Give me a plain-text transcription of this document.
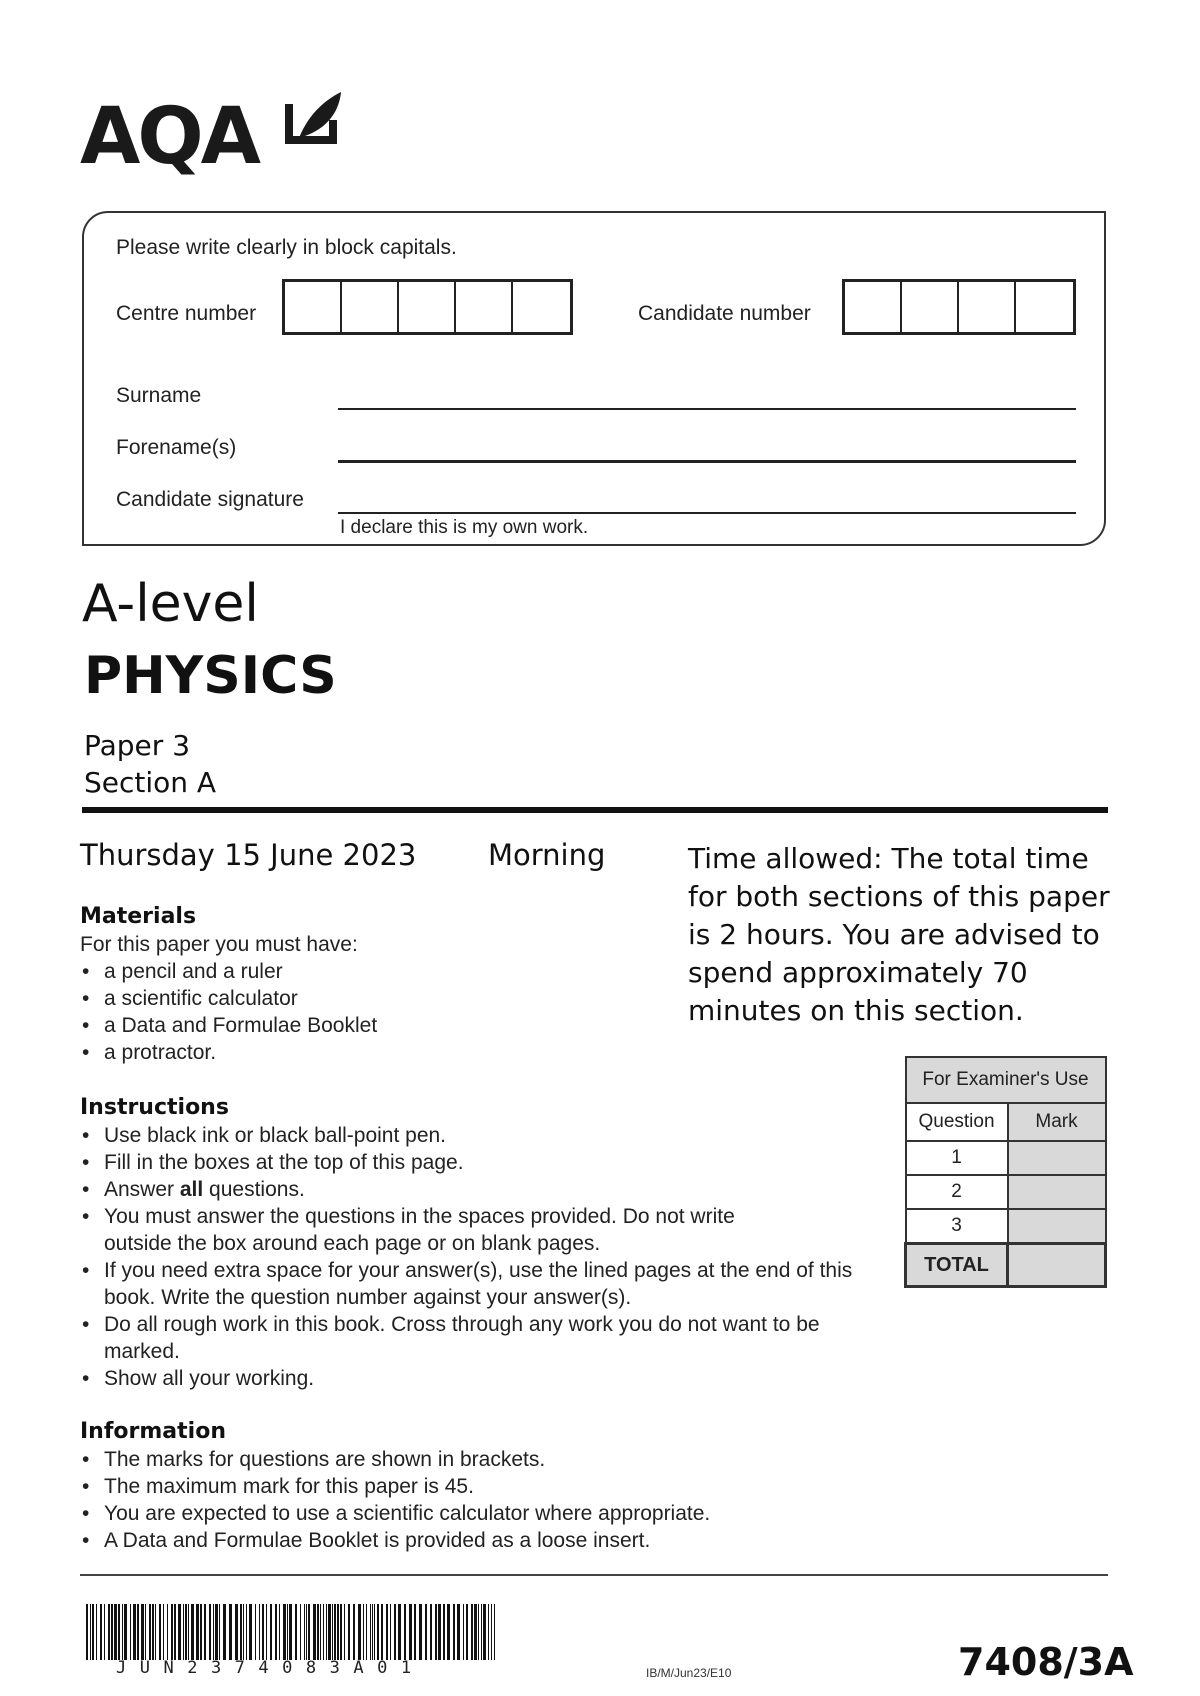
AQA
Please write clearly in block capitals.
Centre number	Candidate number
Surname
Forename(s)
Candidate signature
I declare this is my own work.
A-level
PHYSICS
Paper 3
Section A
Thursday 15 June 2023 Morning	Time allowed: The total time for both sections of this paper is 2 hours. You are advised to spend approximately 70 minutes on this section.
Materials
For this paper you must have:
• a pencil and a ruler
• a scientific calculator
• a Data and Formulae Booklet
• a protractor.
Instructions
• Use black ink or black ball-point pen.
• Fill in the boxes at the top of this page.
• Answer all questions.
• You must answer the questions in the spaces provided. Do not write outside the box around each page or on blank pages.
• If you need extra space for your answer(s), use the lined pages at the end of this book. Write the question number against your answer(s).
• Do all rough work in this book. Cross through any work you do not want to be marked.
• Show all your working.
Information
• The marks for questions are shown in brackets.
• The maximum mark for this paper is 45.
• You are expected to use a scientific calculator where appropriate.
• A Data and Formulae Booklet is provided as a loose insert.
For Examiner's Use	
Question	Mark
1	
2	
3	
TOTAL	
JUN2374083A01	IB/M/Jun23/E10	7408/3A
